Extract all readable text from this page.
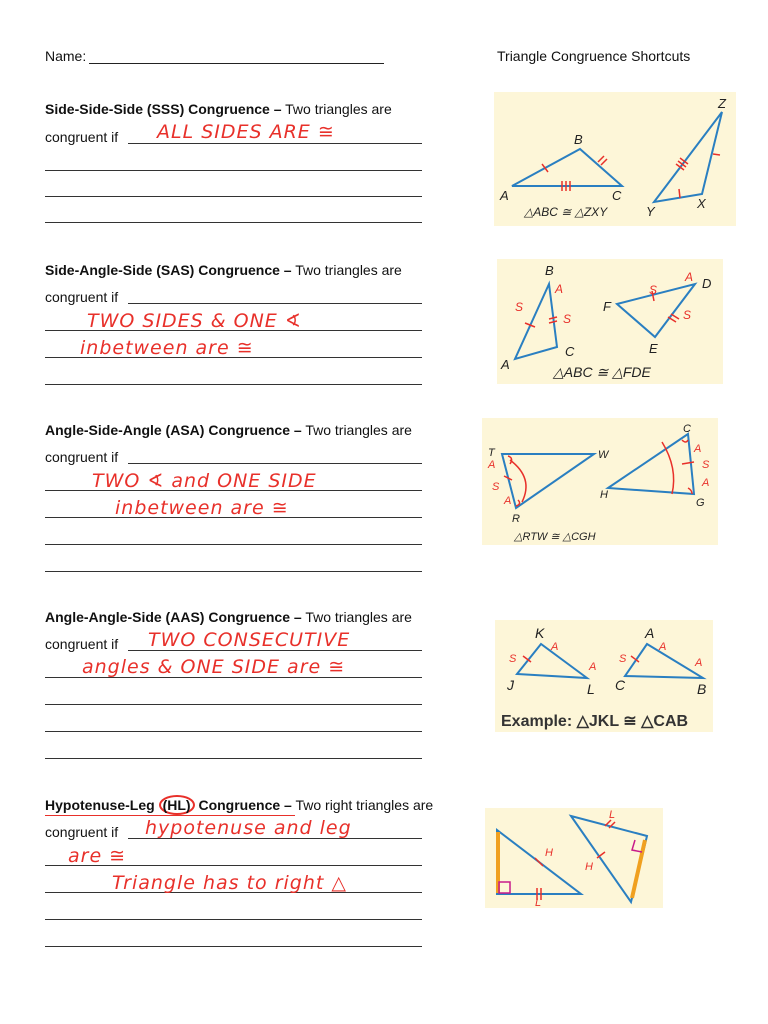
Name:	Triangle Congruence Shortcuts
Side-Side-Side (SSS) Congruence – Two triangles are
congruent if ALL SIDES ARE ≅
A
B
C
Z
X
Y
△ABC ≅ △ZXY
Side-Angle-Side (SAS) Congruence – Two triangles are
congruent if
TWO SIDES & ONE ∢
inbetween are ≅
S
A
S
S
A
S
B
A
C
F
D
E
△ABC ≅ △FDE
Angle-Side-Angle (ASA) Congruence – Two triangles are
congruent if
TWO ∢ and ONE SIDE
inbetween are ≅
A
S
A
A
S
A
T	W
R
C
H
G
△RTW ≅ △CGH
Angle-Angle-Side (AAS) Congruence – Two triangles are
congruent if TWO CONSECUTIVE
angles & ONE SIDE are ≅	S
A
A
S
A
A
K
J	L
A
C	B
Example: △JKL ≅ △CAB
Hypotenuse-Leg (HL) Congruence – Two right triangles are
congruent if hypotenuse and leg
are ≅
Triangle has to right △
H
L
H
L
